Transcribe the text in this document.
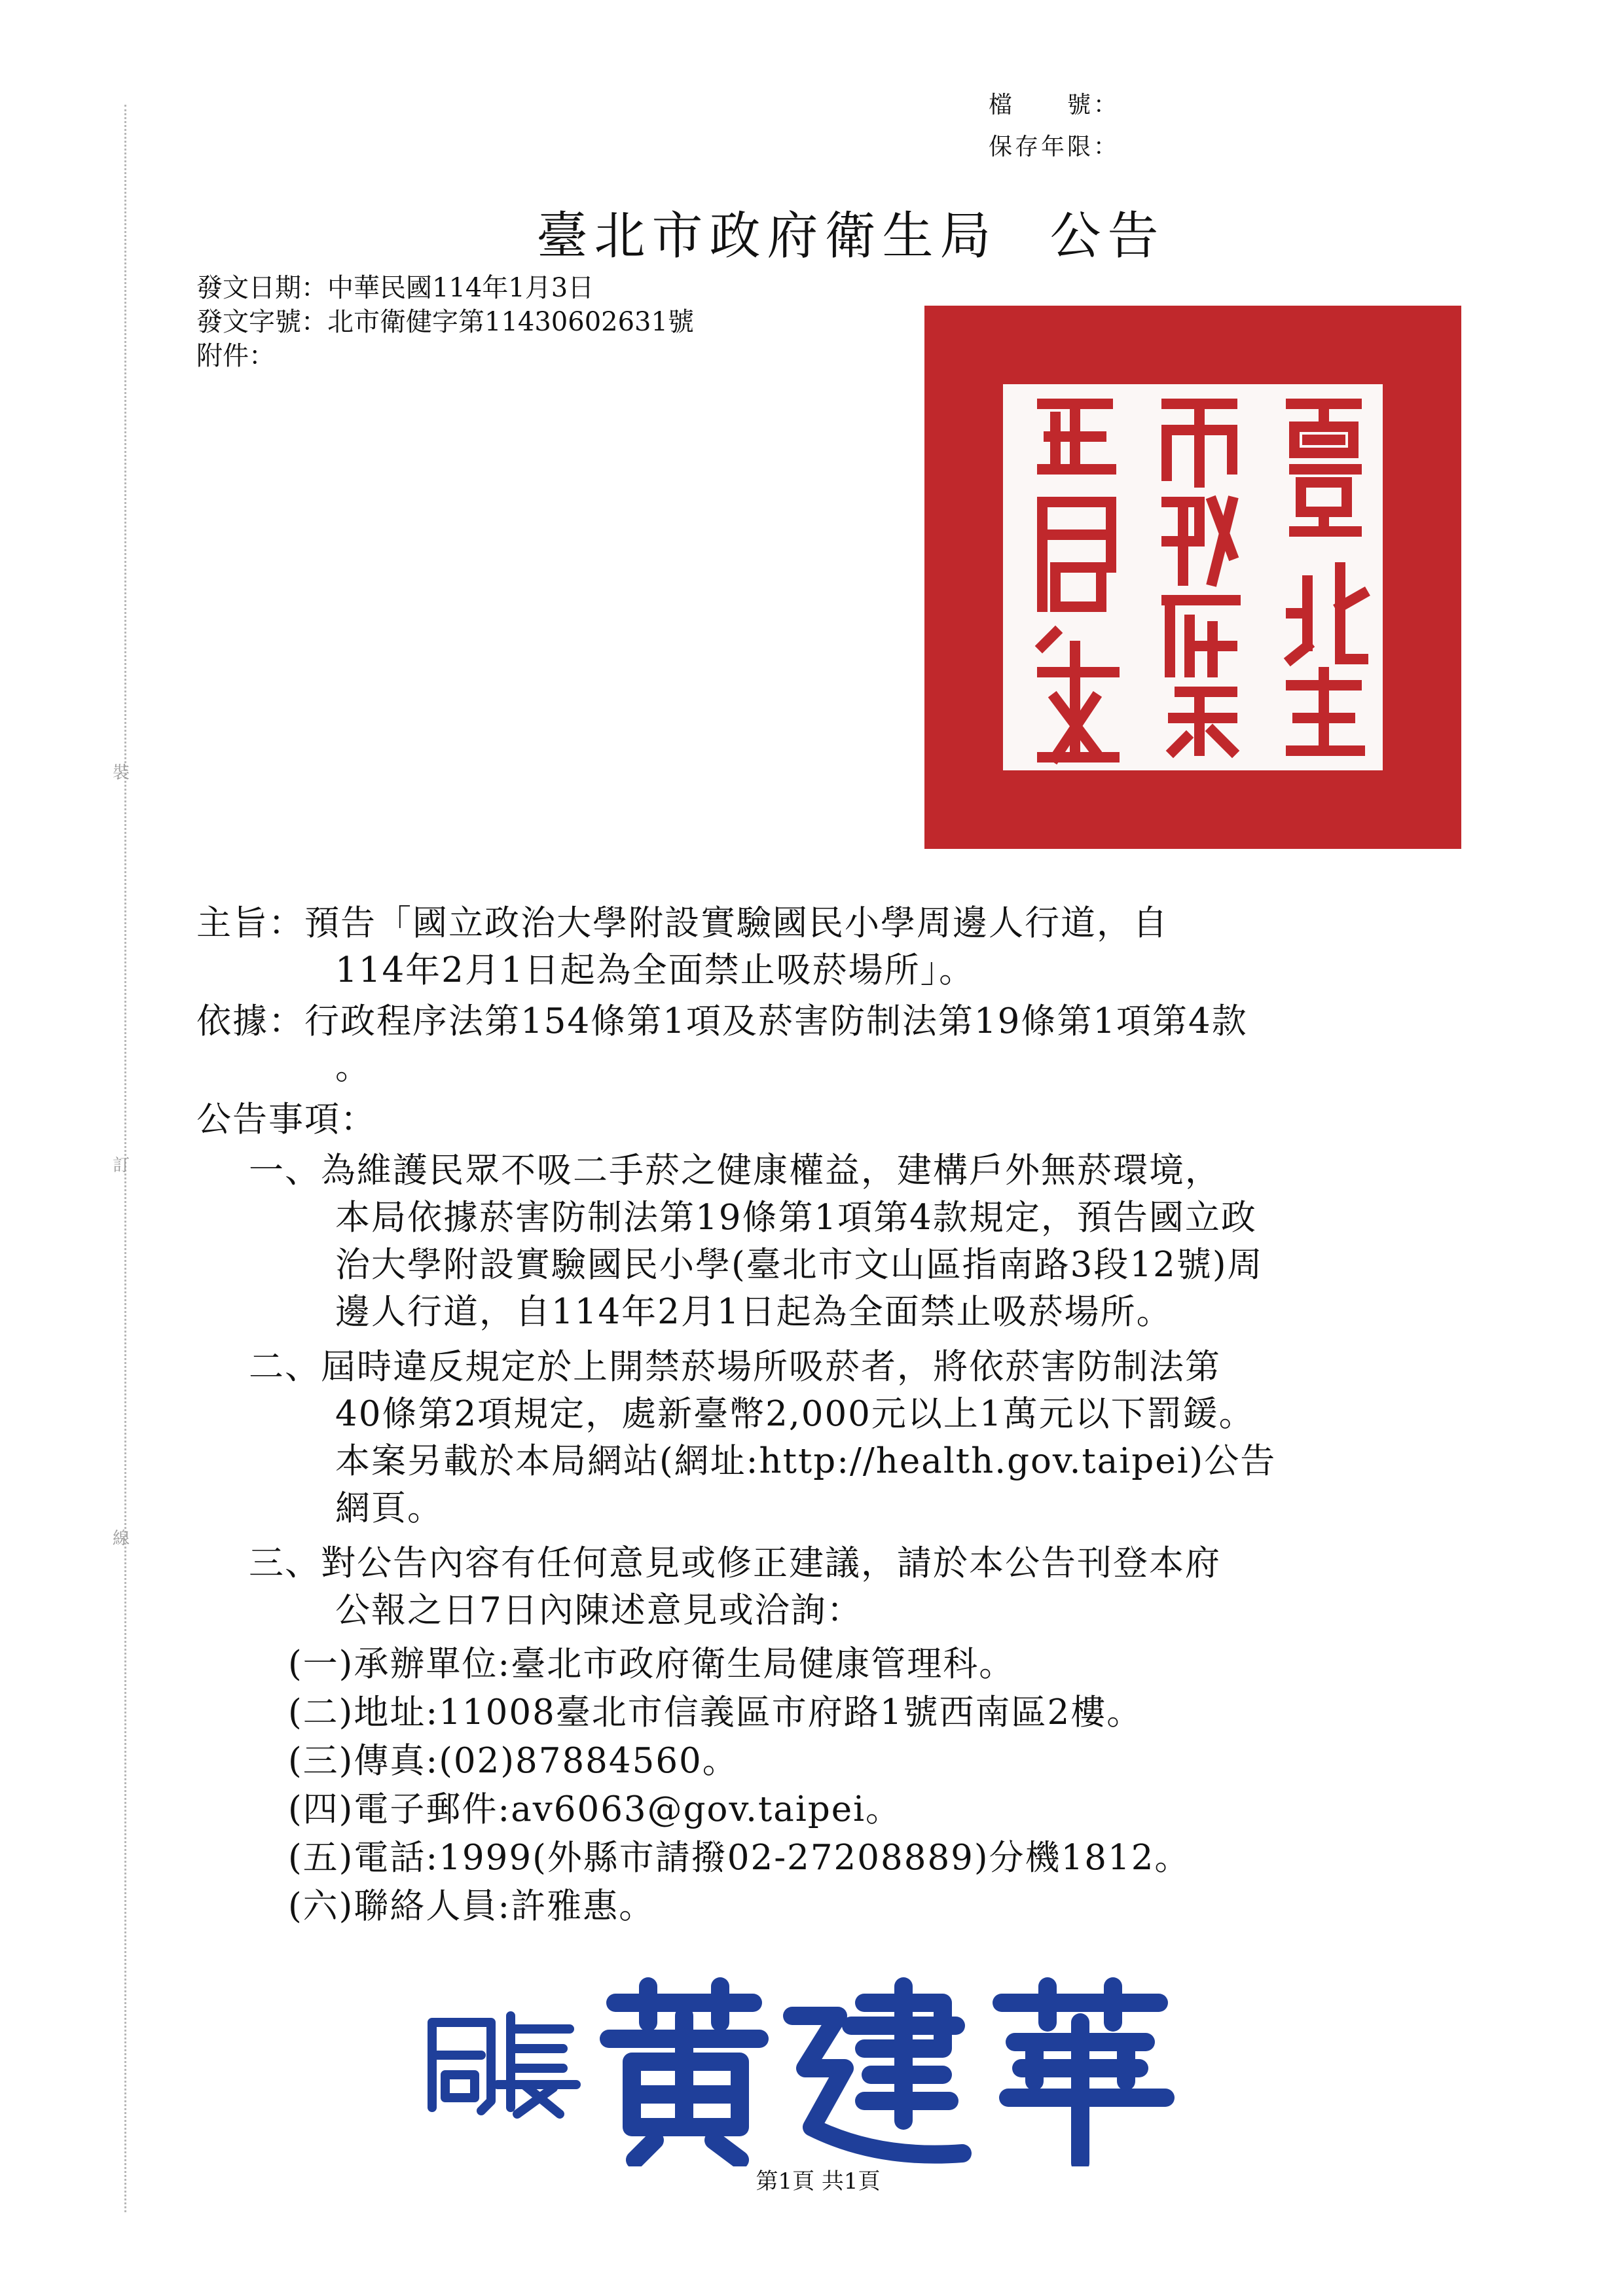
裝
訂
線
檔　　號：
保存年限：
臺北市政府衛生局 公告
發文日期：中華民國114年1月3日
發文字號：北市衛健字第11430602631號
附件：
主旨：預告「國立政治大學附設實驗國民小學周邊人行道，自
114年2月1日起為全面禁止吸菸場所」。
依據：行政程序法第154條第1項及菸害防制法第19條第1項第4款
。
公告事項：
一、為維護民眾不吸二手菸之健康權益，建構戶外無菸環境，
本局依據菸害防制法第19條第1項第4款規定，預告國立政
治大學附設實驗國民小學(臺北市文山區指南路3段12號)周
邊人行道，自114年2月1日起為全面禁止吸菸場所。
二、屆時違反規定於上開禁菸場所吸菸者，將依菸害防制法第
40條第2項規定，處新臺幣2,000元以上1萬元以下罰鍰。
本案另載於本局網站(網址:http://health.gov.taipei)公告
網頁。
三、對公告內容有任何意見或修正建議，請於本公告刊登本府
公報之日7日內陳述意見或洽詢：
(一)承辦單位:臺北市政府衛生局健康管理科。
(二)地址:11008臺北市信義區市府路1號西南區2樓。
(三)傳真:(02)87884560。
(四)電子郵件:av6063@gov.taipei。
(五)電話:1999(外縣市請撥02-27208889)分機1812。
(六)聯絡人員:許雅惠。
第1頁 共1頁
